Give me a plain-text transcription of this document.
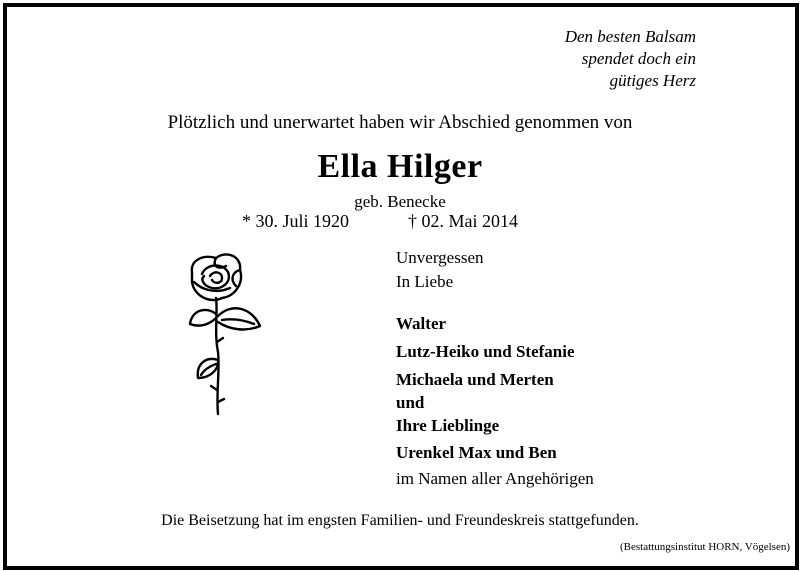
Den besten Balsam
spendet doch ein
gütiges Herz
Plötzlich und unerwartet haben wir Abschied genommen von
Ella Hilger
geb. Benecke
* 30. Juli 1920	† 02. Mai 2014
Unvergessen
In Liebe
Walter
Lutz-Heiko und Stefanie
Michaela und Merten
und
Ihre Lieblinge
Urenkel Max und Ben
im Namen aller Angehörigen
Die Beisetzung hat im engsten Familien- und Freundeskreis stattgefunden.
(Bestattungsinstitut HORN, Vögelsen)
